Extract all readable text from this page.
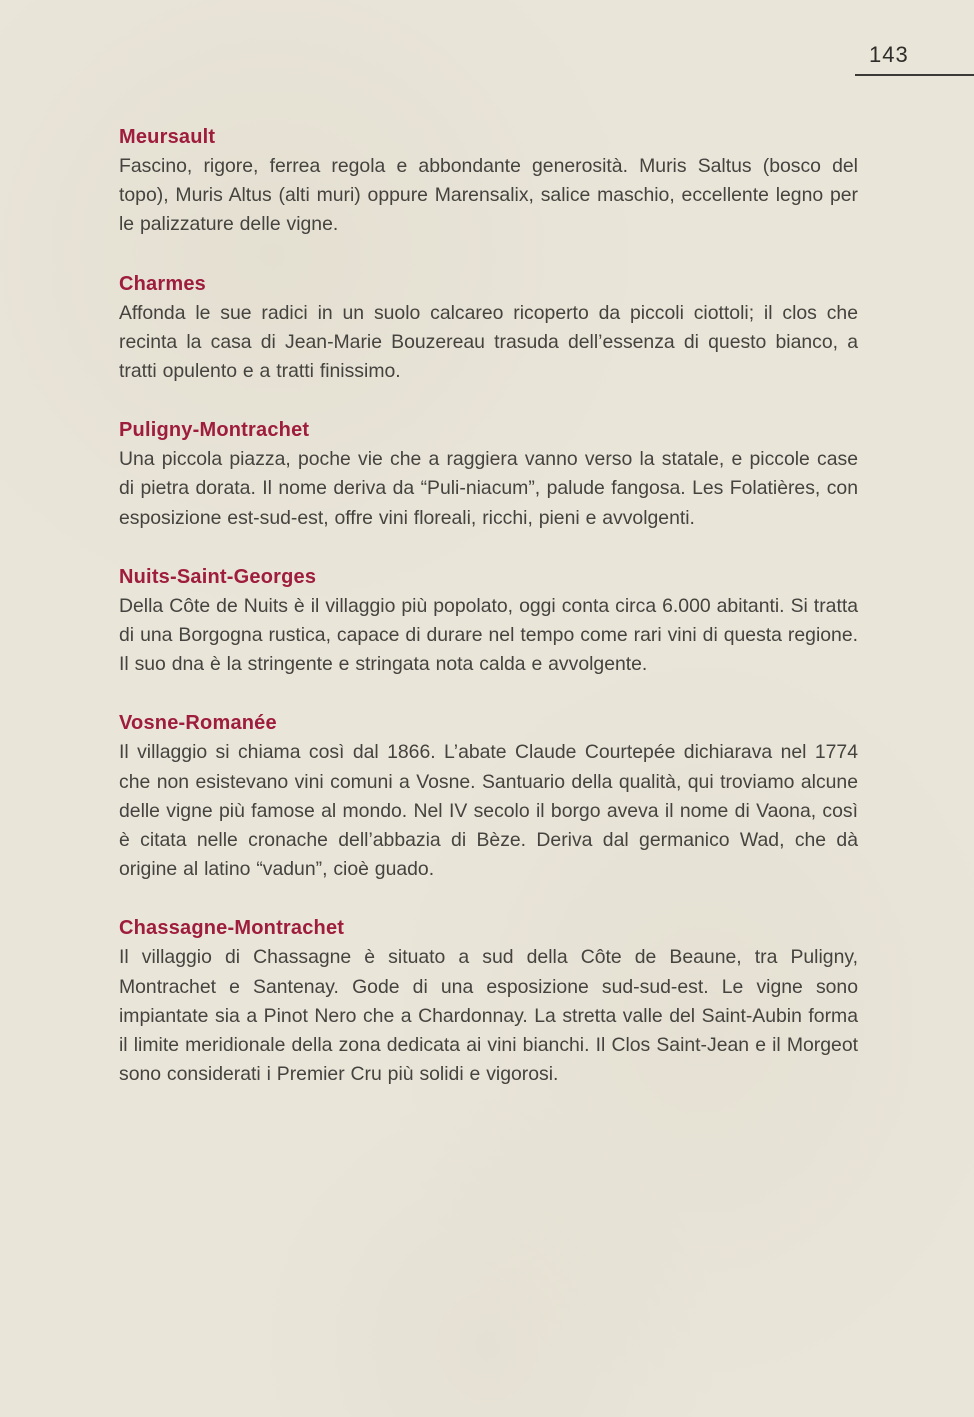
143
Meursault

Fascino, rigore, ferrea regola e abbondante generosità. Muris Saltus (bosco del topo), Muris Altus (alti muri) oppure Marensalix, salice maschio, eccellente legno per le palizzature delle vigne.

Charmes

Affonda le sue radici in un suolo calcareo ricoperto da piccoli ciottoli; il clos che recinta la casa di Jean-Marie Bouzereau trasuda dell’essenza di questo bianco, a tratti opulento e a tratti finissimo.

Puligny-Montrachet

Una piccola piazza, poche vie che a raggiera vanno verso la statale, e piccole case di pietra dorata. Il nome deriva da “Puli-niacum”, palude fangosa. Les Folatières, con esposizione est-sud-est, offre vini floreali, ricchi, pieni e avvolgenti.

Nuits-Saint-Georges

Della Côte de Nuits è il villaggio più popolato, oggi conta circa 6.000 abitanti. Si tratta di una Borgogna rustica, capace di durare nel tempo come rari vini di questa regione. Il suo dna è la stringente e stringata nota calda e avvolgente.

Vosne-Romanée

Il villaggio si chiama così dal 1866. L’abate Claude Courtepée dichiarava nel 1774 che non esistevano vini comuni a Vosne. Santuario della qualità, qui troviamo alcune delle vigne più famose al mondo. Nel IV secolo il borgo aveva il nome di Vaona, così è citata nelle cronache dell’abbazia di Bèze. Deriva dal germanico Wad, che dà origine al latino “vadun”, cioè guado.

Chassagne-Montrachet

Il villaggio di Chassagne è situato a sud della Côte de Beaune, tra Puligny, Montrachet e Santenay. Gode di una esposizione sud-sud-est. Le vigne sono impiantate sia a Pinot Nero che a Chardonnay. La stretta valle del Saint-Aubin forma il limite meridionale della zona dedicata ai vini bianchi. Il Clos Saint-Jean e il Morgeot sono considerati i Premier Cru più solidi e vigorosi.
